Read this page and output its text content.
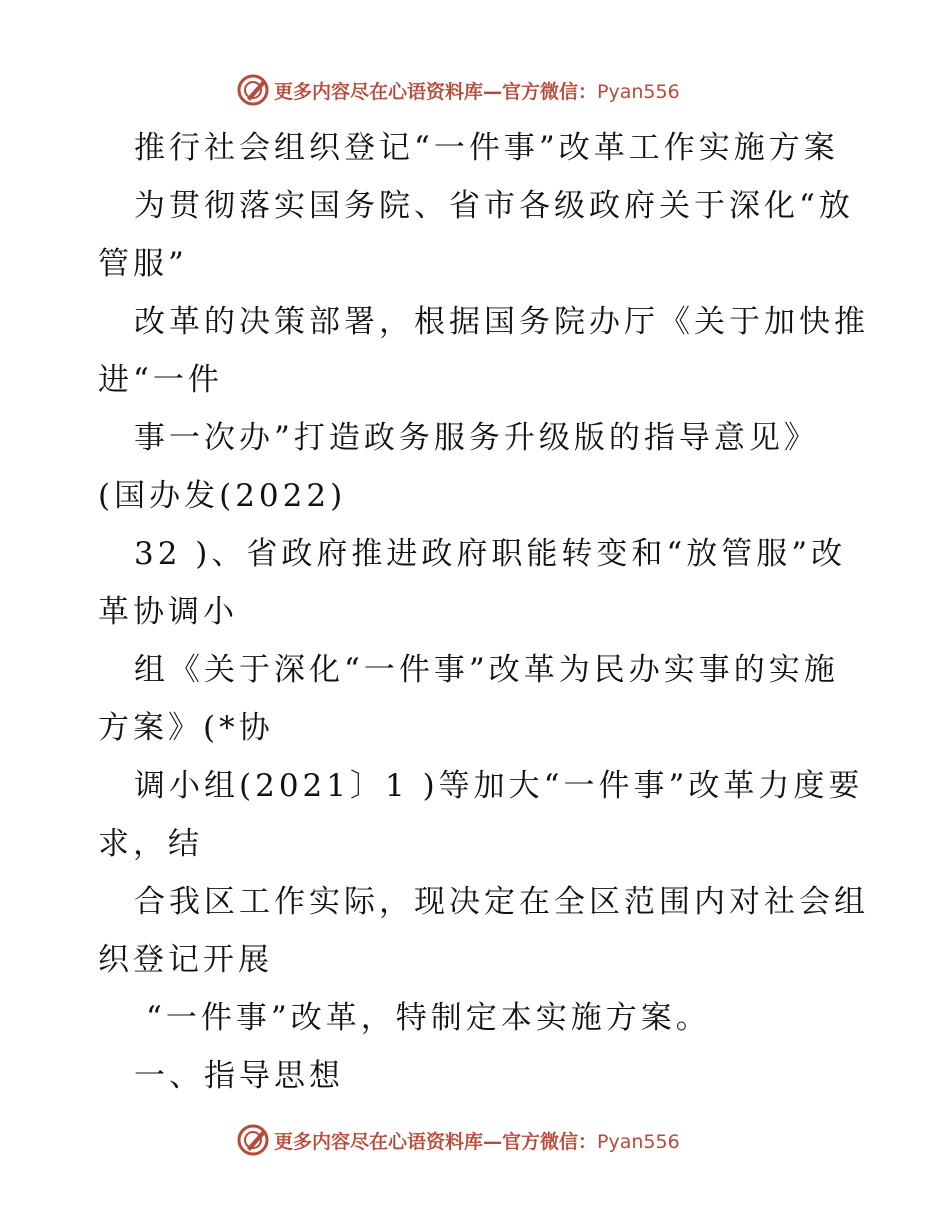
更多内容尽在心语资料库—官方微信：Pyan556
推行社会组织登记“一件事”改革工作实施方案
为贯彻落实国务院、省市各级政府关于深化“放
管服”
改革的决策部署，根据国务院办厅《关于加快推
进“一件
事一次办”打造政务服务升级版的指导意见》
(国办发(2022)
32 )、省政府推进政府职能转变和“放管服”改
革协调小
组《关于深化“一件事”改革为民办实事的实施
方案》(*协
调小组(2021〕1 )等加大“一件事”改革力度要
求，结
合我区工作实际，现决定在全区范围内对社会组
织登记开展
“一件事”改革，特制定本实施方案。
一、指导思想
更多内容尽在心语资料库—官方微信：Pyan556
